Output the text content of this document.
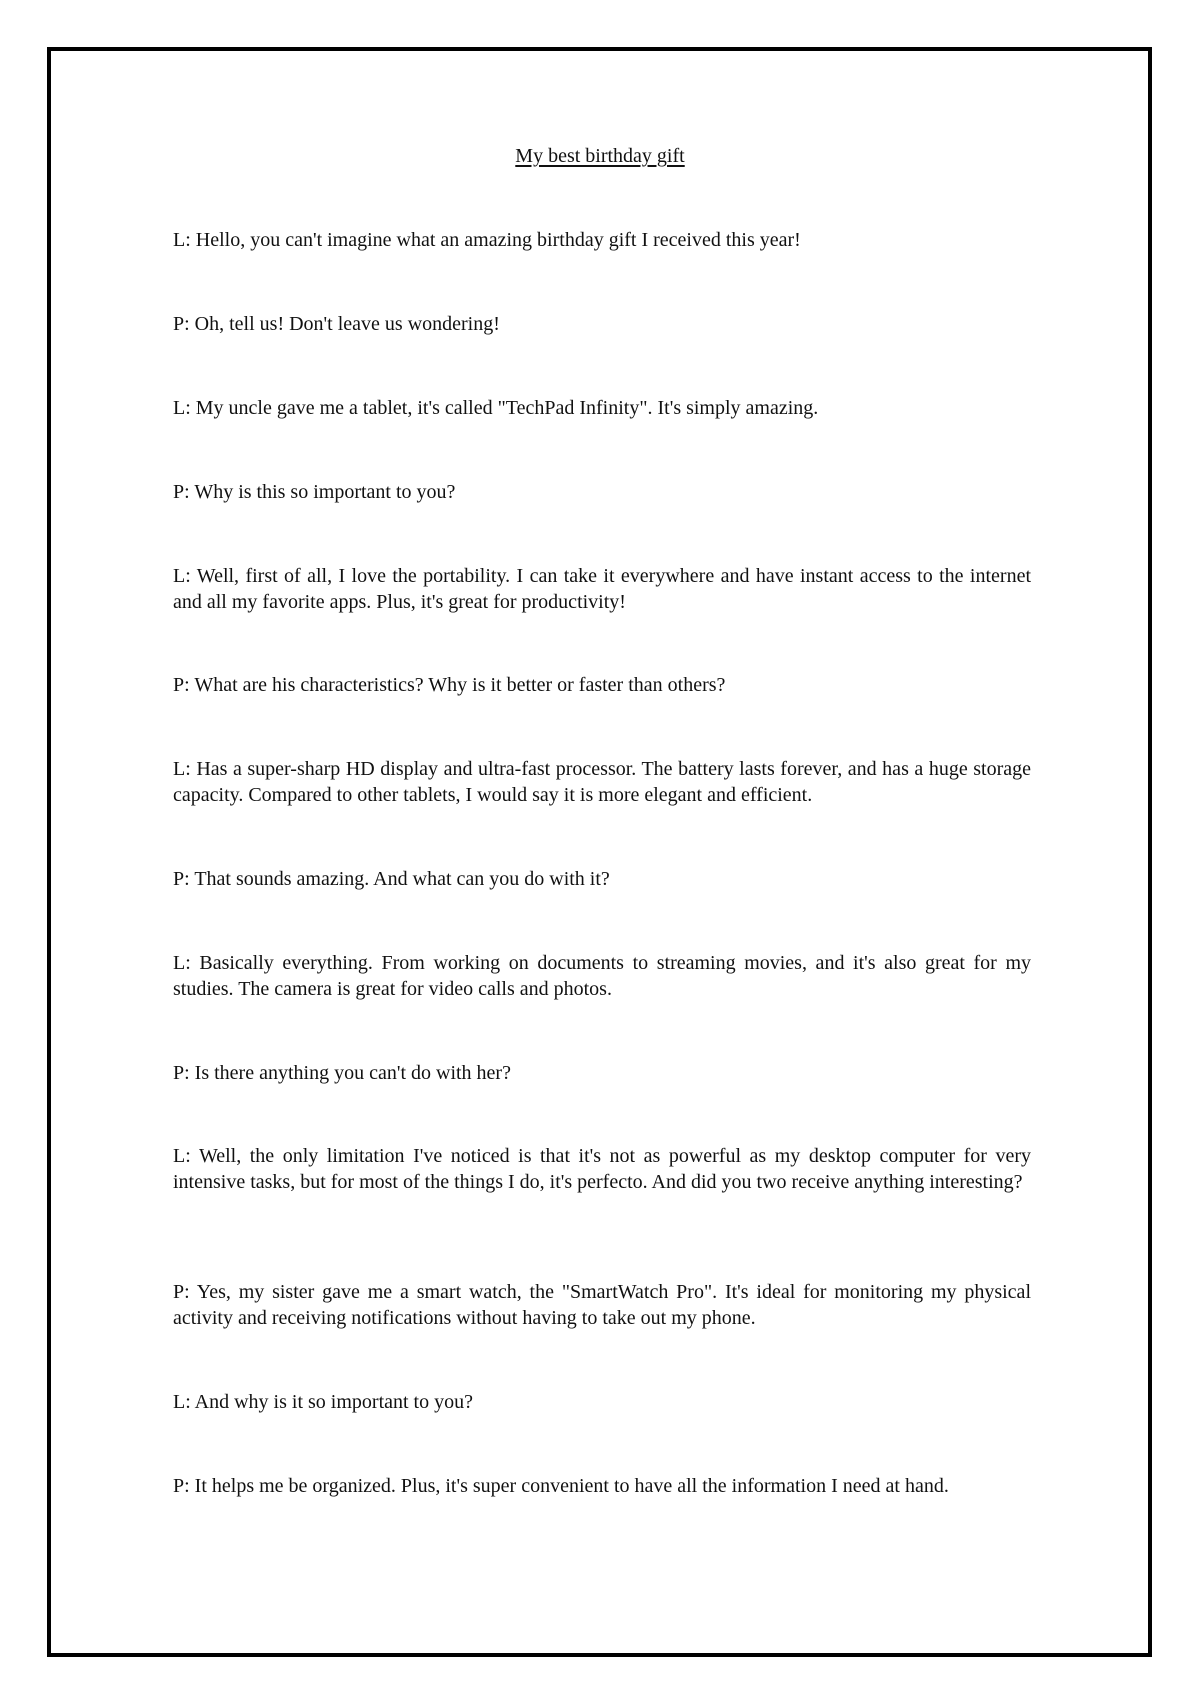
My best birthday gift

L: Hello, you can't imagine what an amazing birthday gift I received this year!

P: Oh, tell us! Don't leave us wondering!

L: My uncle gave me a tablet, it's called "TechPad Infinity". It's simply amazing.

P: Why is this so important to you?

L: Well, first of all, I love the portability. I can take it everywhere and have instant access to the internet and all my favorite apps. Plus, it's great for productivity!

P: What are his characteristics? Why is it better or faster than others?

L: Has a super-sharp HD display and ultra-fast processor. The battery lasts forever, and has a huge storage capacity. Compared to other tablets, I would say it is more elegant and efficient.

P: That sounds amazing. And what can you do with it?

L: Basically everything. From working on documents to streaming movies, and it's also great for my studies. The camera is great for video calls and photos.

P: Is there anything you can't do with her?

L: Well, the only limitation I've noticed is that it's not as powerful as my desktop computer for very intensive tasks, but for most of the things I do, it's perfecto. And did you two receive anything interesting?

P: Yes, my sister gave me a smart watch, the "SmartWatch Pro". It's ideal for monitoring my physical activity and receiving notifications without having to take out my phone.

L: And why is it so important to you?

P: It helps me be organized. Plus, it's super convenient to have all the information I need at hand.
